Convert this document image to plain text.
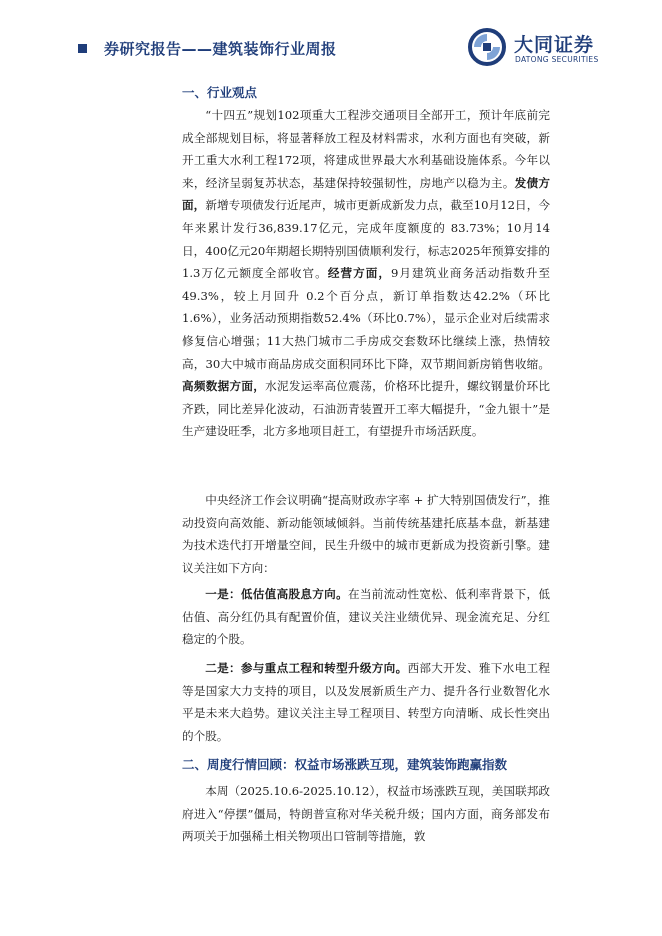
券研究报告——建筑装饰行业周报	大同证券
DATONG SECURITIES
一、行业观点

“十四五”规划102项重大工程涉交通项目全部开工，预计年底前完成全部规划目标，将显著释放工程及材料需求，水利方面也有突破，新开工重大水利工程172项，将建成世界最大水利基础设施体系。今年以来，经济呈弱复苏状态，基建保持较强韧性，房地产以稳为主。发债方面，新增专项债发行近尾声，城市更新成新发力点，截至10月12日，今年来累计发行36,839.17亿元，完成年度额度的 83.73%；10月14日，400亿元20年期超长期特别国债顺利发行，标志2025年预算安排的1.3万亿元额度全部收官。经营方面，9月建筑业商务活动指数升至49.3%，较上月回升 0.2个百分点，新订单指数达42.2%（环比1.6%），业务活动预期指数52.4%（环比0.7%），显示企业对后续需求修复信心增强；11大热门城市二手房成交套数环比继续上涨，热情较高，30大中城市商品房成交面积同环比下降，双节期间新房销售收缩。高频数据方面，水泥发运率高位震荡，价格环比提升，螺纹钢量价环比齐跌，同比差异化波动，石油沥青装置开工率大幅提升，“金九银十”是生产建设旺季，北方多地项目赶工，有望提升市场活跃度。

中央经济工作会议明确“提高财政赤字率 + 扩大特别国债发行”，推动投资向高效能、新动能领域倾斜。当前传统基建托底基本盘，新基建为技术迭代打开增量空间，民生升级中的城市更新成为投资新引擎。建议关注如下方向：

一是：低估值高股息方向。在当前流动性宽松、低利率背景下，低估值、高分红仍具有配置价值，建议关注业绩优异、现金流充足、分红稳定的个股。

二是：参与重点工程和转型升级方向。西部大开发、雅下水电工程等是国家大力支持的项目，以及发展新质生产力、提升各行业数智化水平是未来大趋势。建议关注主导工程项目、转型方向清晰、成长性突出的个股。

二、周度行情回顾：权益市场涨跌互现，建筑装饰跑赢指数

本周（2025.10.6-2025.10.12），权益市场涨跌互现，美国联邦政府进入“停摆”僵局，特朗普宣称对华关税升级；国内方面，商务部发布两项关于加强稀土相关物项出口管制等措施，敦
